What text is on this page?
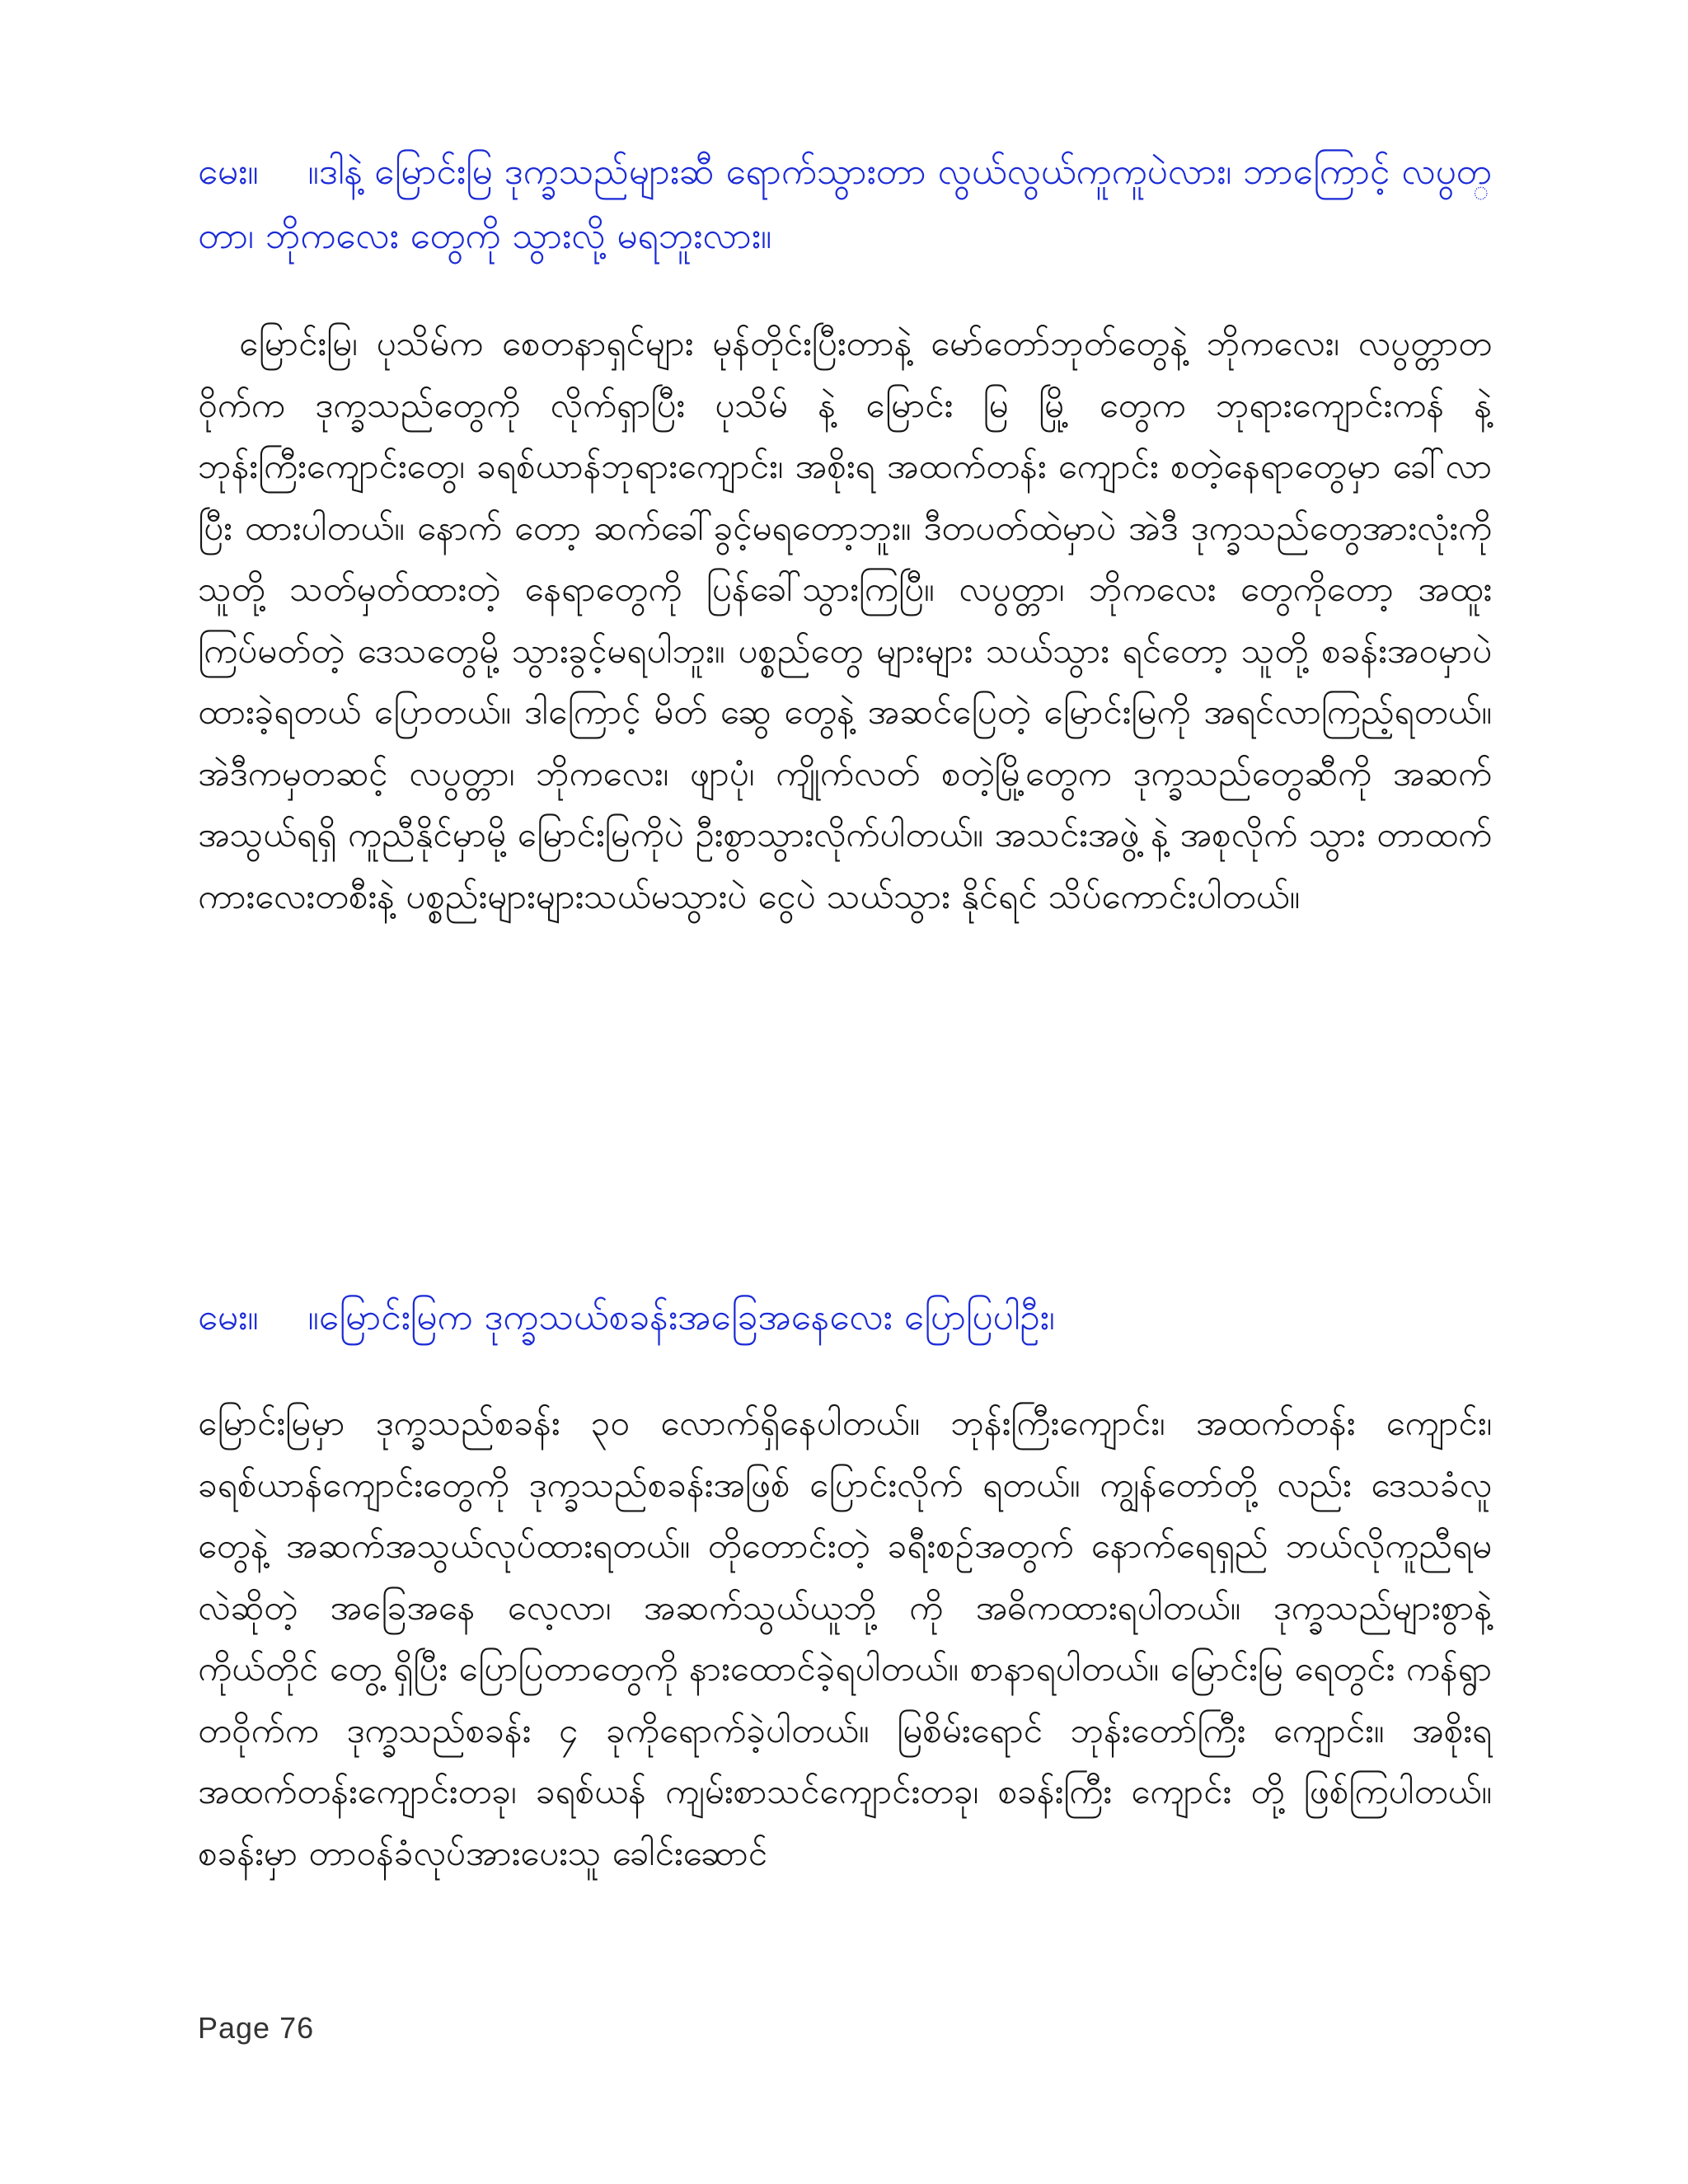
မေး။ ။ဒါနဲ့ မြောင်းမြ ဒုက္ခသည်များဆီ ရောက်သွားတာ လွယ်လွယ်ကူကူပဲလား၊ ဘာကြောင့် လပွတ္တာ၊ ဘိုကလေး တွေကို သွားလို့ မရဘူးလား။
မြောင်းမြ၊ ပုသိမ်က စေတနာရှင်များ မုန်တိုင်းပြီးတာနဲ့ မော်တော်ဘုတ်တွေနဲ့ ဘိုကလေး၊ လပွတ္တာတဝိုက်က ဒုက္ခသည်တွေကို လိုက်ရှာပြီး ပုသိမ် နဲ့ မြောင်း မြ မြို့ တွေက ဘုရားကျောင်းကန် နဲ့ ဘုန်းကြီးကျောင်းတွေ၊ ခရစ်ယာန်ဘုရားကျောင်း၊ အစိုးရ အထက်တန်း ကျောင်း စတဲ့နေရာတွေမှာ ခေါ်လာပြီး ထားပါတယ်။ နောက် တော့ ဆက်ခေါ်ခွင့်မရတော့ဘူး။ ဒီတပတ်ထဲမှာပဲ အဲဒီ ဒုက္ခသည်တွေအားလုံးကို သူတို့ သတ်မှတ်ထားတဲ့ နေရာတွေကို ပြန်ခေါ်သွားကြပြီ။ လပွတ္တာ၊ ဘိုကလေး တွေကိုတော့ အထူးကြပ်မတ်တဲ့ ဒေသတွေမို့ သွားခွင့်မရပါဘူး။ ပစ္စည်တွေ များများ သယ်သွား ရင်တော့ သူတို့ စခန်းအဝမှာပဲ ထားခဲ့ရတယ် ပြောတယ်။ ဒါကြောင့် မိတ် ဆွေ တွေနဲ့ အဆင်ပြေတဲ့ မြောင်းမြကို အရင်လာကြည့်ရတယ်။ အဲဒီကမှတဆင့် လပွတ္တာ၊ ဘိုကလေး၊ ဖျာပုံ၊ ကျိုက်လတ် စတဲ့မြို့တွေက ဒုက္ခသည်တွေဆီကို အဆက် အသွယ်ရရှိ ကူညီနိုင်မှာမို့ မြောင်းမြကိုပဲ ဦးစွာသွားလိုက်ပါတယ်။ အသင်းအဖွဲ့ နဲ့ အစုလိုက် သွား တာထက် ကားလေးတစီးနဲ့ ပစ္စည်းများများသယ်မသွားပဲ ငွေပဲ သယ်သွား နိုင်ရင် သိပ်ကောင်းပါတယ်။
မေး။ ။မြောင်းမြက ဒုက္ခသယ်စခန်းအခြေအနေလေး ပြောပြပါဦး၊
မြောင်းမြမှာ ဒုက္ခသည်စခန်း ၃၀ လောက်ရှိနေပါတယ်။ ဘုန်းကြီးကျောင်း၊ အထက်တန်း ကျောင်း၊ ခရစ်ယာန်ကျောင်းတွေကို ဒုက္ခသည်စခန်းအဖြစ် ပြောင်းလိုက် ရတယ်။ ကျွန်တော်တို့ လည်း ဒေသခံလူတွေနဲ့ အဆက်အသွယ်လုပ်ထားရတယ်။ တိုတောင်းတဲ့ ခရီးစဉ်အတွက် နောက်ရေရှည် ဘယ်လိုကူညီရမလဲဆိုတဲ့ အခြေအနေ လေ့လာ၊ အဆက်သွယ်ယူဘို့ ကို အဓိကထားရပါတယ်။ ဒုက္ခသည်များစွာနဲ့ ကိုယ်တိုင် တွေ့ ရှိပြီး ပြောပြတာတွေကို နားထောင်ခဲ့ရပါတယ်။ စာနာရပါတယ်။ မြောင်းမြ ရေတွင်း ကန်ရွာတဝိုက်က ဒုက္ခသည်စခန်း ၄ ခုကိုရောက်ခဲ့ပါတယ်။ မြစိမ်းရောင် ဘုန်းတော်ကြီး ကျောင်း။ အစိုးရအထက်တန်းကျောင်းတခု၊ ခရစ်ယန် ကျမ်းစာသင်ကျောင်းတခု၊ စခန်းကြီး ကျောင်း တို့ ဖြစ်ကြပါတယ်။ စခန်းမှာ တာဝန်ခံလုပ်အားပေးသူ ခေါင်းဆောင်
Page 76
